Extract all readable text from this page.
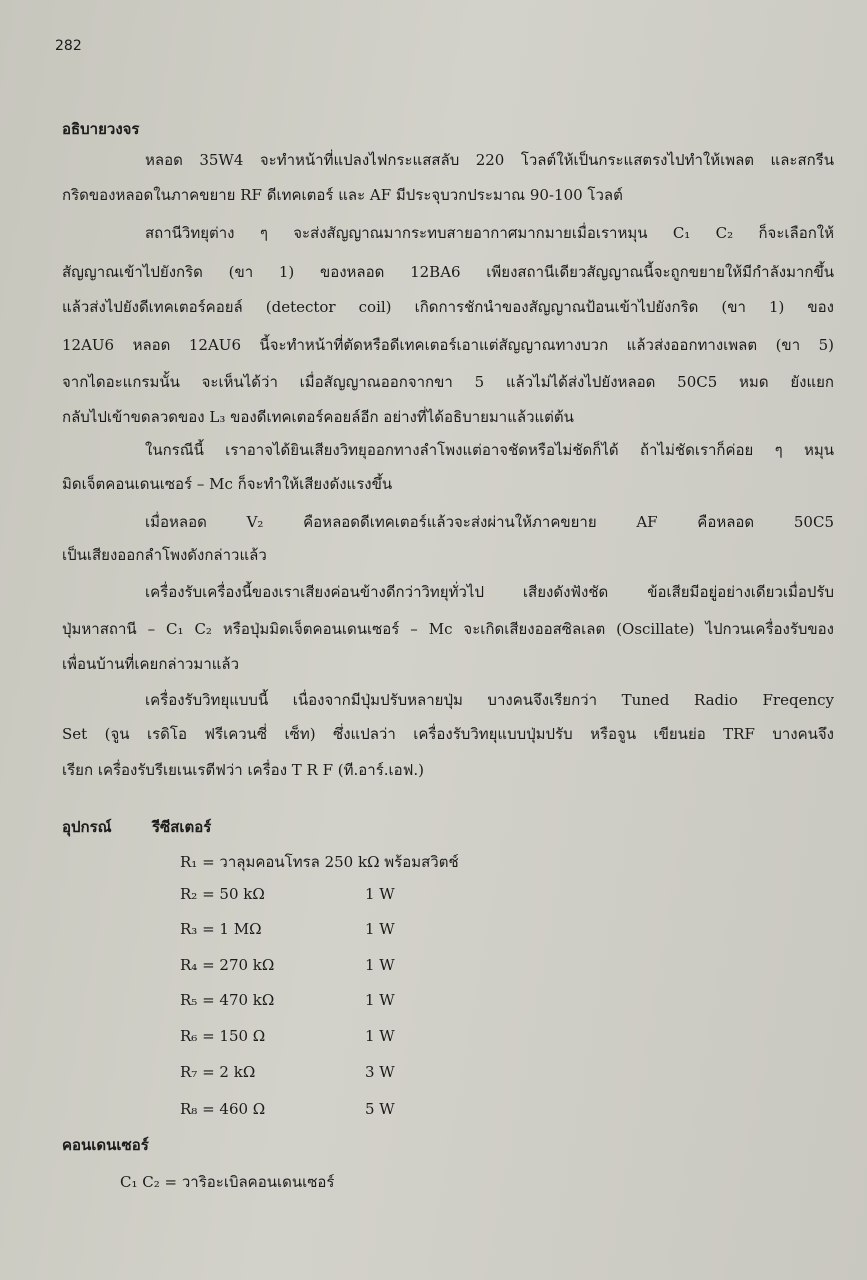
282
อธิบายวงจร
หลอด 35W4 จะทำหน้าที่แปลงไฟกระแสสลับ 220 โวลต์ให้เป็นกระแสตรงไปทำให้เพลต และสกรีน
กริดของหลอดในภาคขยาย RF ดีเทคเตอร์ และ AF มีประจุบวกประมาณ 90-100 โวลต์
สถานีวิทยุต่าง ๆ จะส่งสัญญาณมากระทบสายอากาศมากมายเมื่อเราหมุน C₁ C₂ ก็จะเลือกให้
สัญญาณเข้าไปยังกริด (ขา 1) ของหลอด 12BA6 เพียงสถานีเดียวสัญญาณนี้จะถูกขยายให้มีกำลังมากขึ้น
แล้วส่งไปยังดีเทคเตอร์คอยล์ (detector coil) เกิดการชักนำของสัญญาณป้อนเข้าไปยังกริด (ขา 1) ของ
12AU6 หลอด 12AU6 นี้จะทำหน้าที่ตัดหรือดีเทคเตอร์เอาแต่สัญญาณทางบวก แล้วส่งออกทางเพลต (ขา 5)
จากไดอะแกรมนั้น จะเห็นได้ว่า เมื่อสัญญาณออกจากขา 5 แล้วไม่ได้ส่งไปยังหลอด 50C5 หมด ยังแยก
กลับไปเข้าขดลวดของ L₃ ของดีเทคเตอร์คอยล์อีก อย่างที่ได้อธิบายมาแล้วแต่ต้น
ในกรณีนี้ เราอาจได้ยินเสียงวิทยุออกทางลำโพงแต่อาจชัดหรือไม่ชัดก็ได้ ถ้าไม่ชัดเราก็ค่อย ๆ หมุน
มิดเจ็ตคอนเดนเซอร์ – Mc ก็จะทำให้เสียงดังแรงขึ้น
เมื่อหลอด V₂ คือหลอดดีเทคเตอร์แล้วจะส่งผ่านให้ภาคขยาย AF คือหลอด 50C5
เป็นเสียงออกลำโพงดังกล่าวแล้ว
เครื่องรับเครื่องนี้ของเราเสียงค่อนข้างดีกว่าวิทยุทั่วไป เสียงดังฟังชัด ข้อเสียมีอยู่อย่างเดียวเมื่อปรับ
ปุ่มหาสถานี – C₁ C₂ หรือปุ่มมิดเจ็ตคอนเดนเซอร์ – Mc จะเกิดเสียงออสซิลเลต (Oscillate) ไปกวนเครื่องรับของ
เพื่อนบ้านที่เคยกล่าวมาแล้ว
เครื่องรับวิทยุแบบนี้ เนื่องจากมีปุ่มปรับหลายปุ่ม บางคนจึงเรียกว่า Tuned Radio Freqency
Set (จูน เรดิโอ ฟรีเควนซี่ เซ็ท) ซึ่งแปลว่า เครื่องรับวิทยุแบบปุ่มปรับ หรือจูน เขียนย่อ TRF บางคนจึง
เรียก เครื่องรับรีเยเนเรตีฟว่า เครื่อง T R F (ที.อาร์.เอฟ.)
อุปกรณ์	รีซีสเตอร์
R₁ = วาลุมคอนโทรล 250 kΩ พร้อมสวิตช์
R₂ = 50 kΩ	1 W
R₃ = 1 MΩ	1 W
R₄ = 270 kΩ	1 W
R₅ = 470 kΩ	1 W
R₆ = 150 Ω	1 W
R₇ = 2 kΩ	3 W
R₈ = 460 Ω	5 W
คอนเดนเซอร์
C₁ C₂ = วาริอะเบิลคอนเดนเซอร์
